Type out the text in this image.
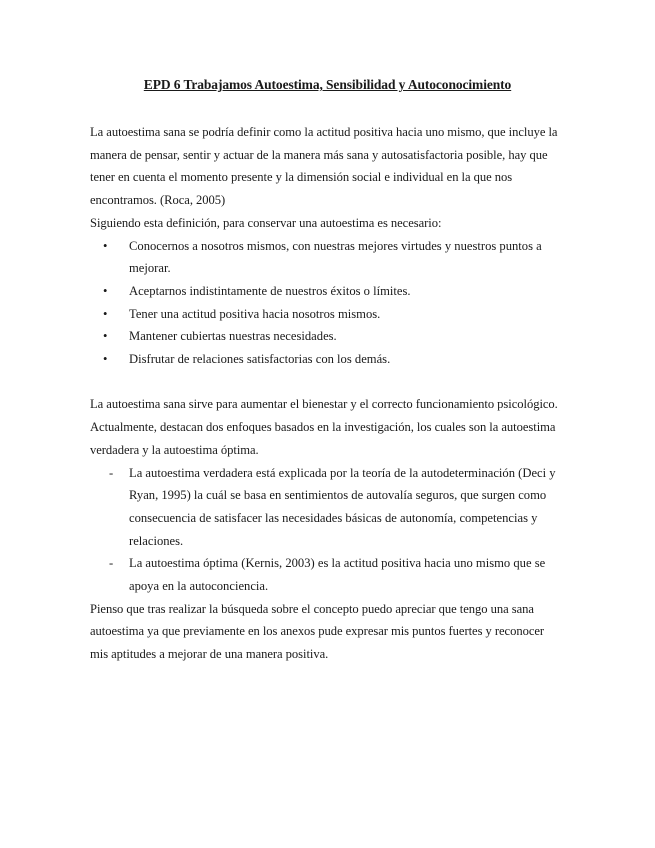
EPD 6 Trabajamos Autoestima, Sensibilidad y Autoconocimiento

La autoestima sana se podría definir como la actitud positiva hacia uno mismo, que incluye la manera de pensar, sentir y actuar de la manera más sana y autosatisfactoria posible, hay que tener en cuenta el momento presente y la dimensión social e individual en la que nos encontramos. (Roca, 2005)

Siguiendo esta definición, para conservar una autoestima es necesario:

•	Conocernos a nosotros mismos, con nuestras mejores virtudes y nuestros puntos a mejorar.
•	Aceptarnos indistintamente de nuestros éxitos o límites.
•	Tener una actitud positiva hacia nosotros mismos.
•	Mantener cubiertas nuestras necesidades.
•	Disfrutar de relaciones satisfactorias con los demás.

La autoestima sana sirve para aumentar el bienestar y el correcto funcionamiento psicológico.

Actualmente, destacan dos enfoques basados en la investigación, los cuales son la autoestima verdadera y la autoestima óptima.

- La autoestima verdadera está explicada por la teoría de la autodeterminación (Deci y Ryan, 1995) la cuál se basa en sentimientos de autovalía seguros, que surgen como consecuencia de satisfacer las necesidades básicas de autonomía, competencias y relaciones.
- La autoestima óptima (Kernis, 2003) es la actitud positiva hacia uno mismo que se apoya en la autoconciencia.

Pienso que tras realizar la búsqueda sobre el concepto puedo apreciar que tengo una sana autoestima ya que previamente en los anexos pude expresar mis puntos fuertes y reconocer mis aptitudes a mejorar de una manera positiva.
